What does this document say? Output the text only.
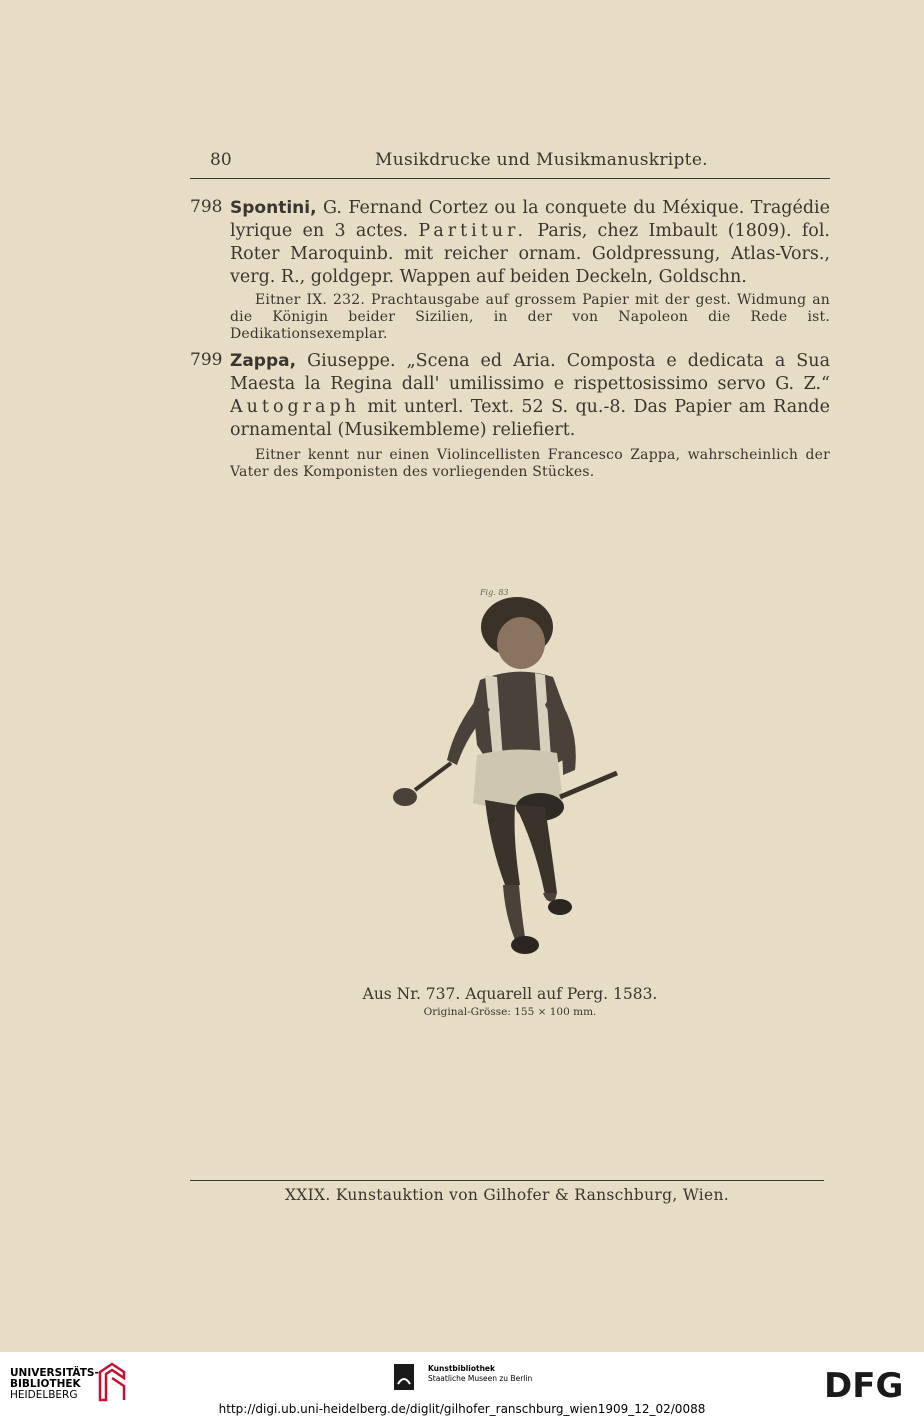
80	Musikdrucke und Musikmanuskripte.
798 Spontini, G. Fernand Cortez ou la conquete du Méxique. Tragédie lyrique en 3 actes. Partitur. Paris, chez Imbault (1809). fol. Roter Maroquinb. mit reicher ornam. Goldpressung, Atlas-Vors., verg. R., goldgepr. Wappen auf beiden Deckeln, Goldschn.
Eitner IX. 232. Prachtausgabe auf grossem Papier mit der gest. Widmung an die Königin beider Sizilien, in der von Napoleon die Rede ist. Dedikationsexemplar.
799 Zappa, Giuseppe. „Scena ed Aria. Composta e dedicata a Sua Maesta la Regina dall' umilissimo e rispettosissimo servo G. Z.“ Autograph mit unterl. Text. 52 S. qu.-8. Das Papier am Rande ornamental (Musikembleme) reliefiert.
Eitner kennt nur einen Violincellisten Francesco Zappa, wahrscheinlich der Vater des Komponisten des vorliegenden Stückes.
Fig. 83
Aus Nr. 737. Aquarell auf Perg. 1583.
Original-Grösse: 155 × 100 mm.
XXIX. Kunstauktion von Gilhofer & Ranschburg, Wien.
UNIVERSITÄTS-
BIBLIOTHEK
HEIDELBERG
Kunstbibliothek
Staatliche Museen zu Berlin	DFG
http://digi.ub.uni-heidelberg.de/diglit/gilhofer_ranschburg_wien1909_12_02/0088
